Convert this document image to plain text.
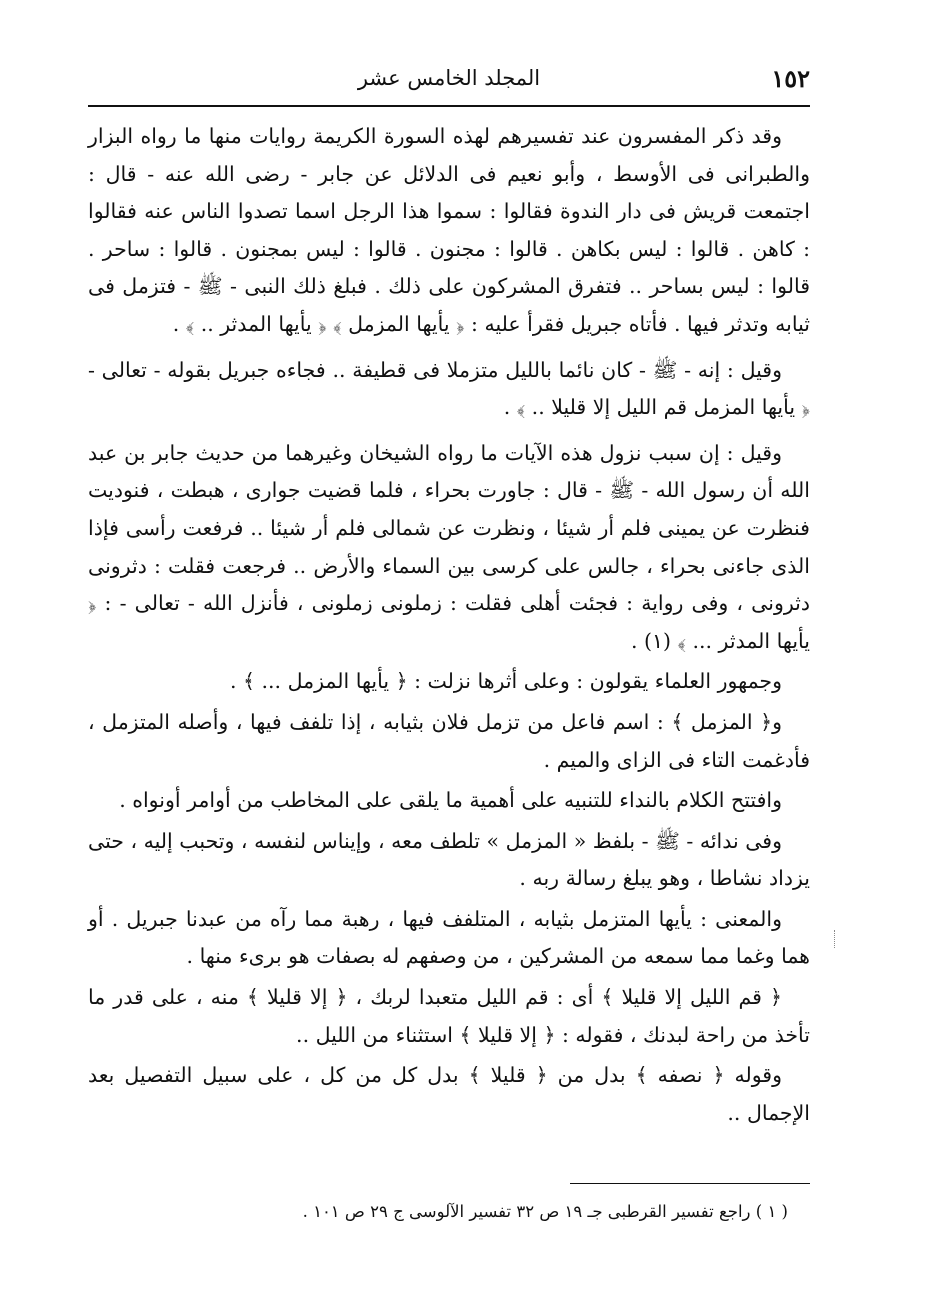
١٥٢
المجلد الخامس عشر

وقد ذكر المفسرون عند تفسيرهم لهذه السورة الكريمة روايات منها ما رواه البزار والطبرانى فى الأوسط ، وأبو نعيم فى الدلائل عن جابر - رضى الله عنه - قال : اجتمعت قريش فى دار الندوة فقالوا : سموا هذا الرجل اسما تصدوا الناس عنه فقالوا : كاهن . قالوا : ليس بكاهن . قالوا : مجنون . قالوا : ليس بمجنون . قالوا : ساحر . قالوا : ليس بساحر .. فتفرق المشركون على ذلك . فبلغ ذلك النبى - ﷺ - فتزمل فى ثيابه وتدثر فيها . فأتاه جبريل فقرأ عليه : ﴿ يأيها المزمل ﴾ ﴿ يأيها المدثر .. ﴾ .

وقيل : إنه - ﷺ - كان نائما بالليل متزملا فى قطيفة .. فجاءه جبريل بقوله - تعالى - ﴿ يأيها المزمل قم الليل إلا قليلا .. ﴾ .

وقيل : إن سبب نزول هذه الآيات ما رواه الشيخان وغيرهما من حديث جابر بن عبد الله أن رسول الله - ﷺ - قال : جاورت بحراء ، فلما قضيت جوارى ، هبطت ، فنوديت فنظرت عن يمينى فلم أر شيئا ، ونظرت عن شمالى فلم أر شيئا .. فرفعت رأسى فإذا الذى جاءنى بحراء ، جالس على كرسى بين السماء والأرض .. فرجعت فقلت : دثرونى دثرونى ، وفى رواية : فجئت أهلى فقلت : زملونى زملونى ، فأنزل الله - تعالى - : ﴿ يأيها المدثر ... ﴾ (١) .

وجمهور العلماء يقولون : وعلى أثرها نزلت : ﴿ يأيها المزمل ... ﴾ .

و﴿ المزمل ﴾ : اسم فاعل من تزمل فلان بثيابه ، إذا تلفف فيها ، وأصله المتزمل ، فأدغمت التاء فى الزاى والميم .

وافتتح الكلام بالنداء للتنبيه على أهمية ما يلقى على المخاطب من أوامر أونواه .

وفى ندائه - ﷺ - بلفظ « المزمل » تلطف معه ، وإيناس لنفسه ، وتحبب إليه ، حتى يزداد نشاطا ، وهو يبلغ رسالة ربه .

والمعنى : يأيها المتزمل بثيابه ، المتلفف فيها ، رهبة مما رآه من عبدنا جبريل . أو هما وغما مما سمعه من المشركين ، من وصفهم له بصفات هو برىء منها .

﴿ قم الليل إلا قليلا ﴾ أى : قم الليل متعبدا لربك ، ﴿ إلا قليلا ﴾ منه ، على قدر ما تأخذ من راحة لبدنك ، فقوله : ﴿ إلا قليلا ﴾ استثناء من الليل ..

وقوله ﴿ نصفه ﴾ بدل من ﴿ قليلا ﴾ بدل كل من كل ، على سبيل التفصيل بعد الإجمال ..

( ١ ) راجع تفسير القرطبى جـ ١٩ ص ٣٢ تفسير الآلوسى ج ٢٩ ص ١٠١ .
